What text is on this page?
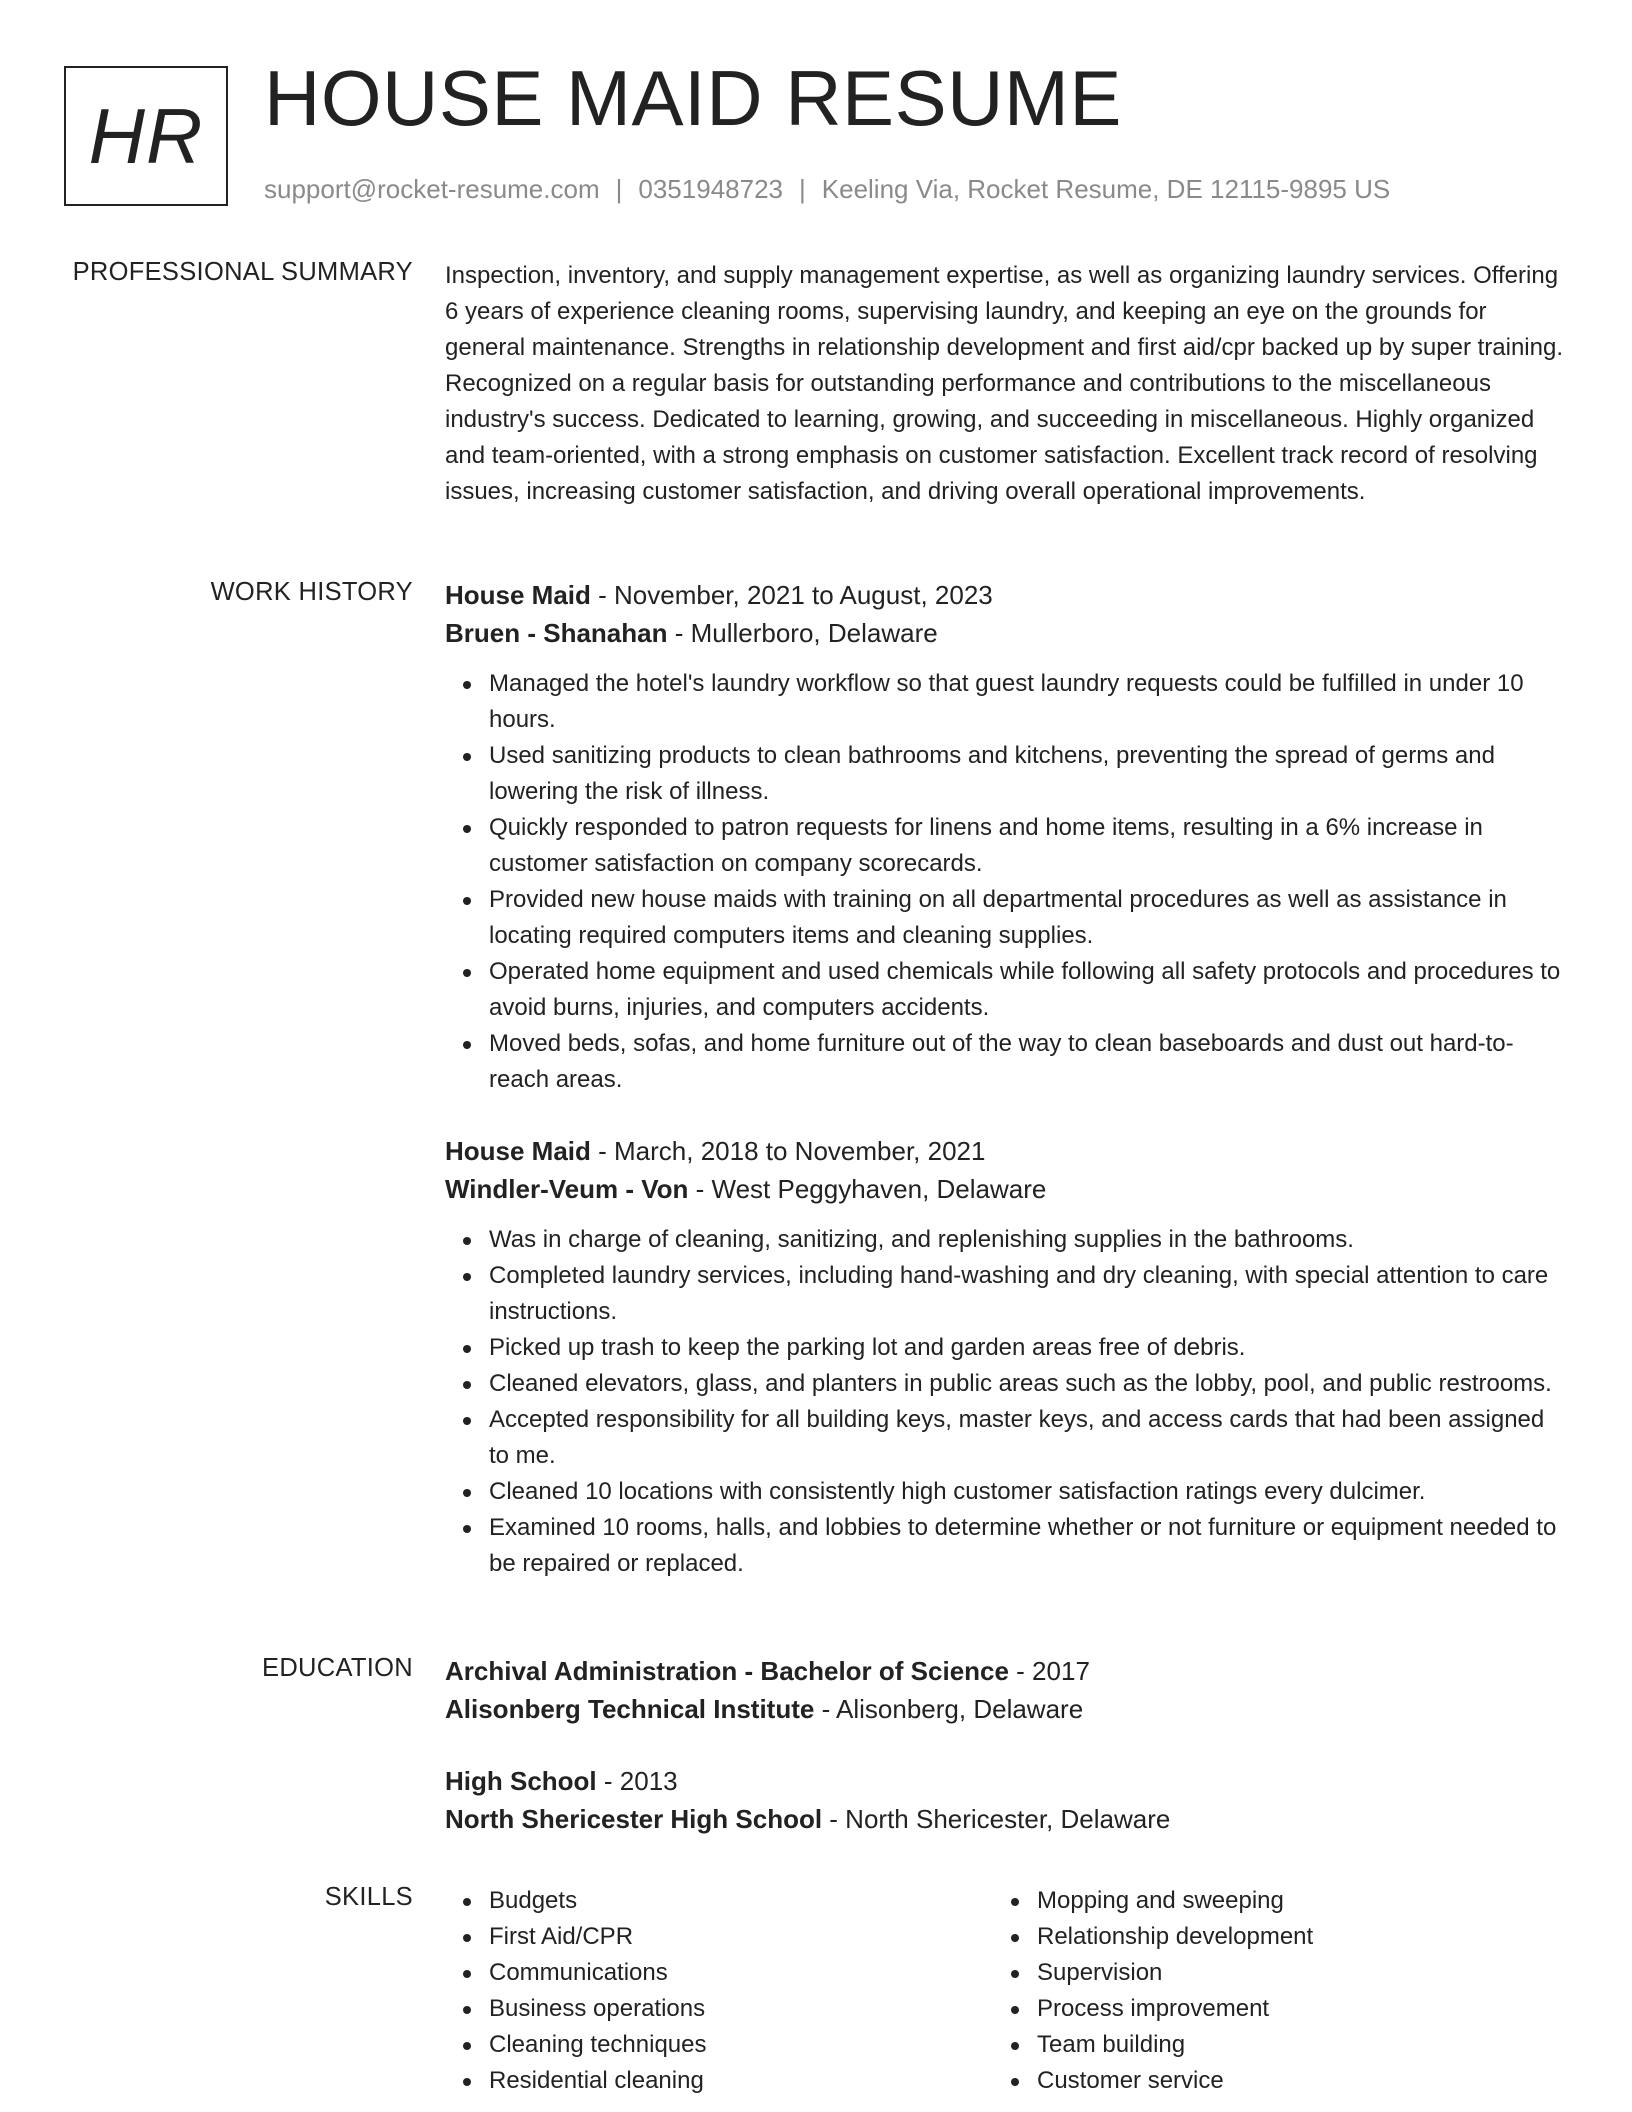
HR HOUSE MAID RESUME
support@rocket-resume.com | 0351948723 | Keeling Via, Rocket Resume, DE 12115-9895 US
PROFESSIONAL SUMMARY Inspection, inventory, and supply management expertise, as well as organizing laundry services. Offering 6 years of experience cleaning rooms, supervising laundry, and keeping an eye on the grounds for general maintenance. Strengths in relationship development and first aid/cpr backed up by super training. Recognized on a regular basis for outstanding performance and contributions to the miscellaneous industry's success. Dedicated to learning, growing, and succeeding in miscellaneous. Highly organized and team-oriented, with a strong emphasis on customer satisfaction. Excellent track record of resolving issues, increasing customer satisfaction, and driving overall operational improvements.

WORK HISTORY House Maid - November, 2021 to August, 2023
Bruen - Shanahan - Mullerboro, Delaware
Managed the hotel's laundry workflow so that guest laundry requests could be fulfilled in under 10 hours.
Used sanitizing products to clean bathrooms and kitchens, preventing the spread of germs and lowering the risk of illness.
Quickly responded to patron requests for linens and home items, resulting in a 6% increase in customer satisfaction on company scorecards.
Provided new house maids with training on all departmental procedures as well as assistance in locating required computers items and cleaning supplies.
Operated home equipment and used chemicals while following all safety protocols and procedures to avoid burns, injuries, and computers accidents.
Moved beds, sofas, and home furniture out of the way to clean baseboards and dust out hard-to-reach areas.
House Maid - March, 2018 to November, 2021
Windler-Veum - Von - West Peggyhaven, Delaware
Was in charge of cleaning, sanitizing, and replenishing supplies in the bathrooms.
Completed laundry services, including hand-washing and dry cleaning, with special attention to care instructions.
Picked up trash to keep the parking lot and garden areas free of debris.
Cleaned elevators, glass, and planters in public areas such as the lobby, pool, and public restrooms.
Accepted responsibility for all building keys, master keys, and access cards that had been assigned to me.
Cleaned 10 locations with consistently high customer satisfaction ratings every dulcimer.
Examined 10 rooms, halls, and lobbies to determine whether or not furniture or equipment needed to be repaired or replaced.
EDUCATION Archival Administration - Bachelor of Science - 2017
Alisonberg Technical Institute - Alisonberg, Delaware
High School - 2013
North Shericester High School - North Shericester, Delaware
SKILLS	Budgets
First Aid/CPR
Communications
Business operations
Cleaning techniques
Residential cleaning
Mopping and sweeping
Relationship development
Supervision
Process improvement
Team building
Customer service
